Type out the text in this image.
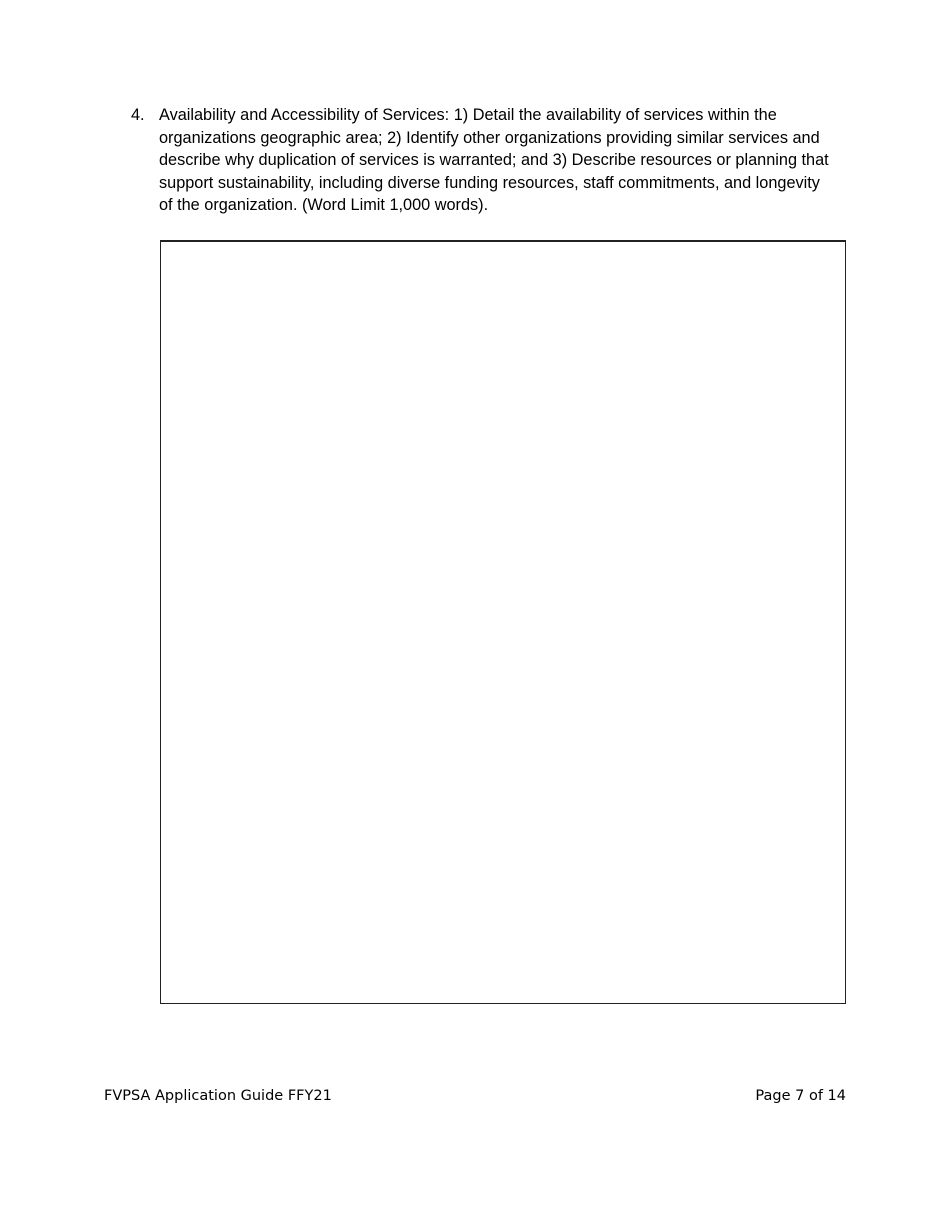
4. Availability and Accessibility of Services: 1) Detail the availability of services within the organizations geographic area; 2) Identify other organizations providing similar services and describe why duplication of services is warranted; and 3) Describe resources or planning that support sustainability, including diverse funding resources, staff commitments, and longevity of the organization. (Word Limit 1,000 words).
FVPSA Application Guide FFY21	Page 7 of 14
